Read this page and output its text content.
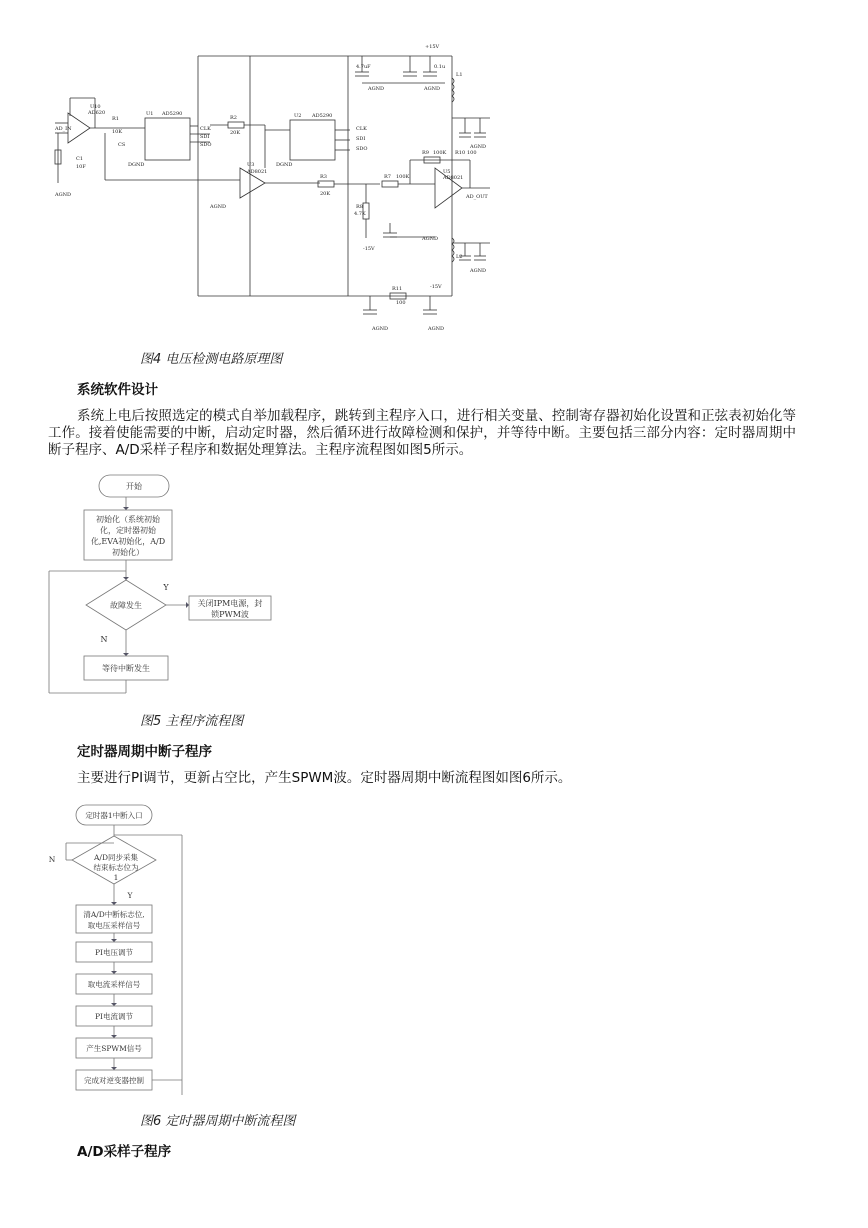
U10
AD620	U1 AD5290	U2 AD5290
U3
AD8021	U5
AD8021
R1
10K
R2
20K
R3
20K
R7 100K
R8
4.7K
R9 100K R10 100
R11
100
C1
10F
AGND
DGND	DGND
AGND
AGND	AGND
AGND
AGND
AGND
AGND	AGND
+15V
-15V
-15V
AD_OUT
CS
CLK
SDI
SDO
CLK
SDI
SDO
AD_IN
L1
L2
4.7uF	0.1u
图4 电压检测电路原理图
系统软件设计
系统上电后按照选定的模式自举加载程序，跳转到主程序入口，进行相关变量、控制寄存器初始化设置和正弦表初始化等工作。接着使能需要的中断，启动定时器，然后循环进行故障检测和保护，并等待中断。主要包括三部分内容：定时器周期中断子程序、A/D采样子程序和数据处理算法。主程序流程图如图5所示。
开始
初始化（系统初始
化，定时器初始
化,EVA初始化，A/D
初始化）
故障发生
Y
N
关闭IPM电源，封
锁PWM波
等待中断发生
图5 主程序流程图
定时器周期中断子程序
主要进行PI调节，更新占空比，产生SPWM波。定时器周期中断流程图如图6所示。
定时器1中断入口
A/D同步采集
结束标志位为
1
N
Y
清A/D中断标志位,
取电压采样信号
PI电压调节
取电流采样信号
PI电流调节
产生SPWM信号
完成对逆变器控制
图6 定时器周期中断流程图
A/D采样子程序
